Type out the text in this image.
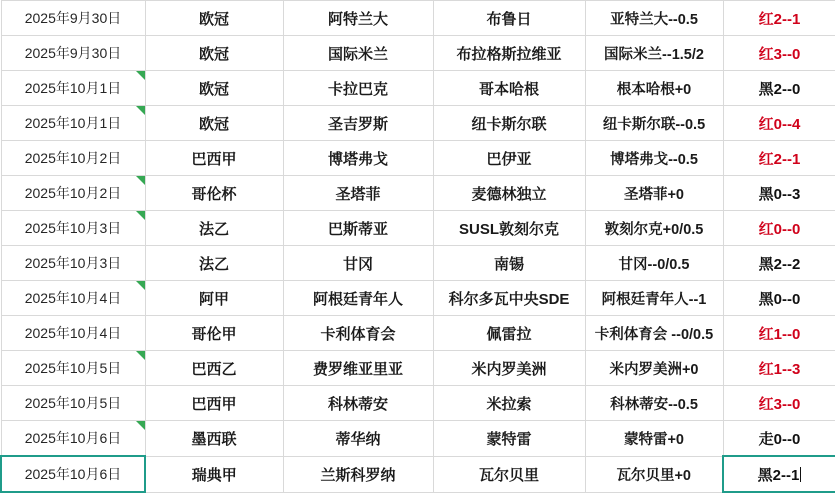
2025年9月30日	欧冠	阿特兰大	布鲁日	亚特兰大--0.5	红2--1
2025年9月30日	欧冠	国际米兰	布拉格斯拉维亚	国际米兰--1.5/2	红3--0
2025年10月1日	欧冠	卡拉巴克	哥本哈根	根本哈根+0	黑2--0
2025年10月1日	欧冠	圣吉罗斯	纽卡斯尔联	纽卡斯尔联--0.5	红0--4
2025年10月2日	巴西甲	博塔弗戈	巴伊亚	博塔弗戈--0.5	红2--1
2025年10月2日	哥伦杯	圣塔菲	麦德林独立	圣塔菲+0	黑0--3
2025年10月3日	法乙	巴斯蒂亚	SUSL敦刻尔克	敦刻尔克+0/0.5	红0--0
2025年10月3日	法乙	甘冈	南锡	甘冈--0/0.5	黑2--2
2025年10月4日	阿甲	阿根廷青年人	科尔多瓦中央SDE	阿根廷青年人--1	黑0--0
2025年10月4日	哥伦甲	卡利体育会	佩雷拉	卡利体育会 --0/0.5	红1--0
2025年10月5日	巴西乙	费罗维亚里亚	米内罗美洲	米内罗美洲+0	红1--3
2025年10月5日	巴西甲	科林蒂安	米拉索	科林蒂安--0.5	红3--0
2025年10月6日	墨西联	蒂华纳	蒙特雷	蒙特雷+0	走0--0
2025年10月6日	瑞典甲	兰斯科罗纳	瓦尔贝里	瓦尔贝里+0	黑2--1
